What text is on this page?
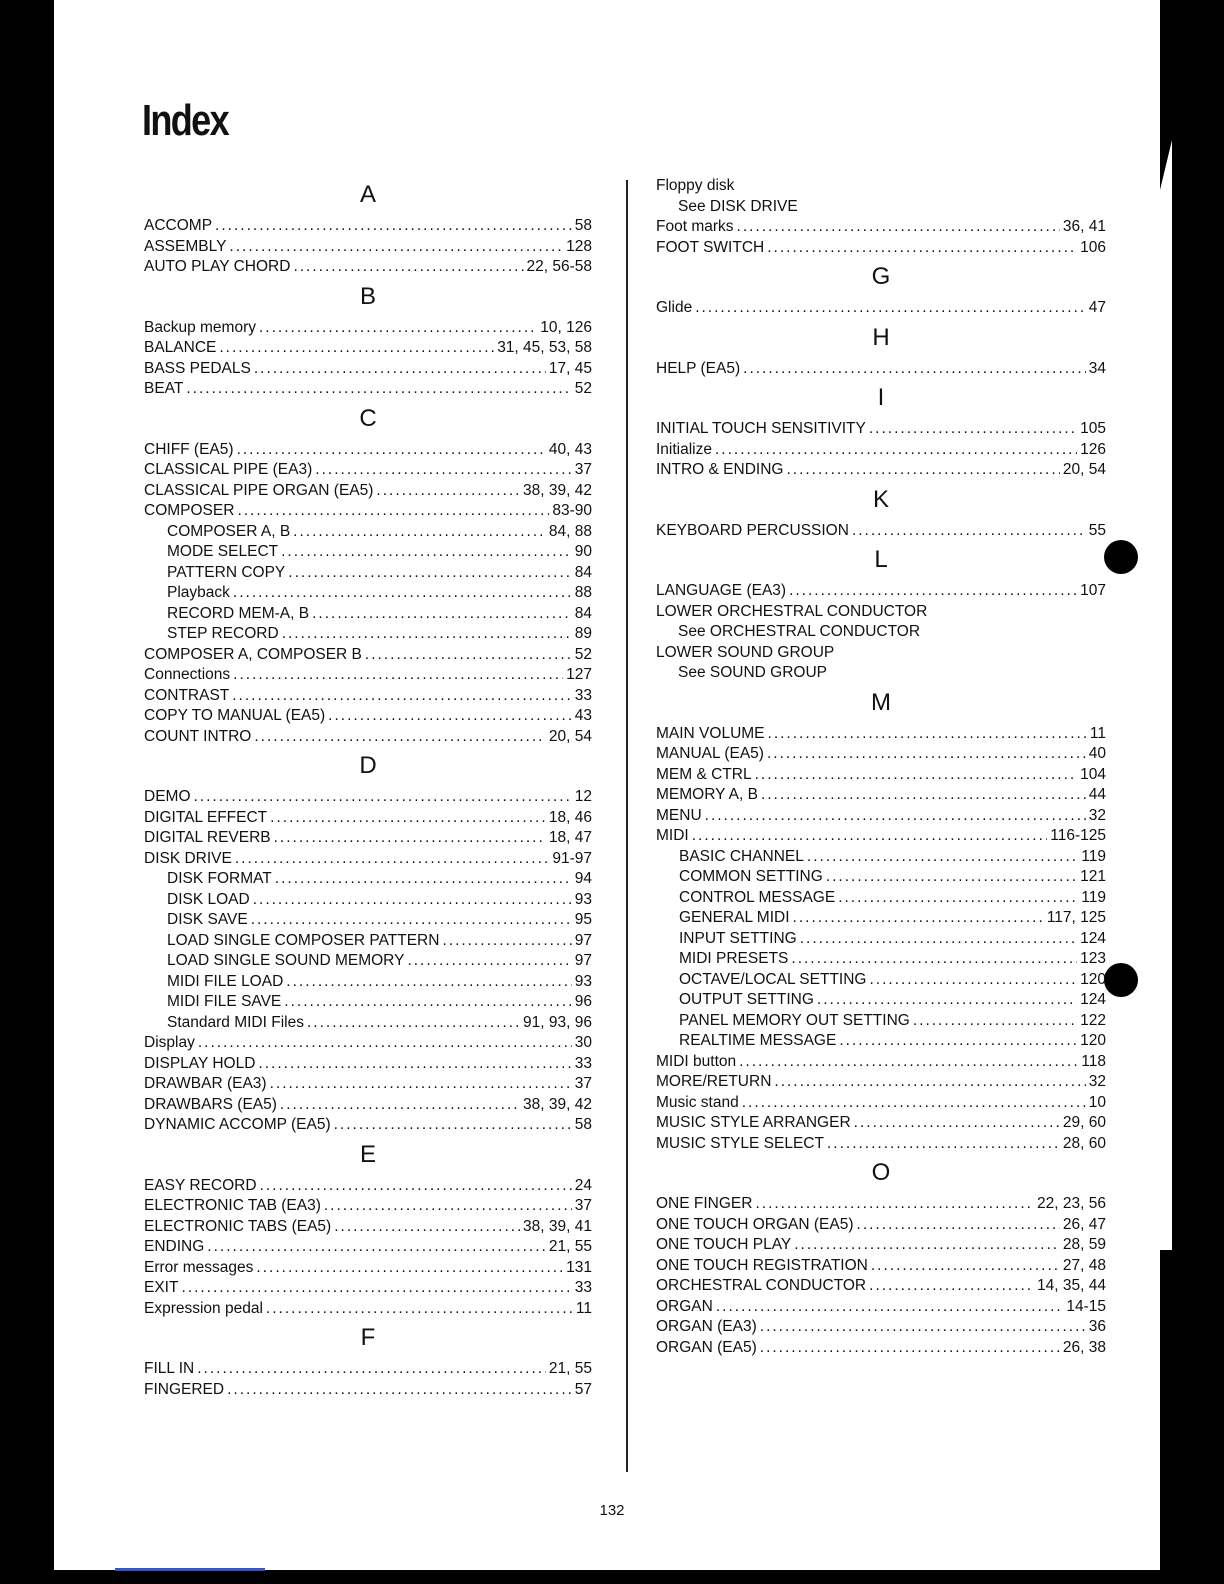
Index
A
ACCOMP .....	58
ASSEMBLY .....	128
AUTO PLAY CHORD .....	22, 56-58
B
Backup memory .....	10, 126
BALANCE .....	31, 45, 53, 58
BASS PEDALS .....	17, 45
BEAT .....	52
C
CHIFF (EA5) .....	40, 43
CLASSICAL PIPE (EA3) .....	37
CLASSICAL PIPE ORGAN (EA5) .....	38, 39, 42
COMPOSER .....	83-90
COMPOSER A, B .....	84, 88
MODE SELECT .....	90
PATTERN COPY .....	84
Playback .....	88
RECORD MEM-A, B .....	84
STEP RECORD .....	89
COMPOSER A, COMPOSER B .....	52
Connections .....	127
CONTRAST .....	33
COPY TO MANUAL (EA5) .....	43
COUNT INTRO .....	20, 54
D
DEMO .....	12
DIGITAL EFFECT .....	18, 46
DIGITAL REVERB .....	18, 47
DISK DRIVE .....	91-97
DISK FORMAT .....	94
DISK LOAD .....	93
DISK SAVE .....	95
LOAD SINGLE COMPOSER PATTERN .....	97
LOAD SINGLE SOUND MEMORY .....	97
MIDI FILE LOAD .....	93
MIDI FILE SAVE .....	96
Standard MIDI Files .....	91, 93, 96
Display .....	30
DISPLAY HOLD .....	33
DRAWBAR (EA3) .....	37
DRAWBARS (EA5) .....	38, 39, 42
DYNAMIC ACCOMP (EA5) .....	58
E
EASY RECORD .....	24
ELECTRONIC TAB (EA3) .....	37
ELECTRONIC TABS (EA5) .....	38, 39, 41
ENDING .....	21, 55
Error messages .....	131
EXIT .....	33
Expression pedal .....	11
F
FILL IN .....	21, 55
FINGERED .....	57
Floppy disk
See DISK DRIVE
Foot marks .....	36, 41
FOOT SWITCH .....	106
G
Glide .....	47
H
HELP (EA5) .....	34
I
INITIAL TOUCH SENSITIVITY .....	105
Initialize .....	126
INTRO & ENDING .....	20, 54
K
KEYBOARD PERCUSSION .....	55
L
LANGUAGE (EA3) .....	107
LOWER ORCHESTRAL CONDUCTOR
See ORCHESTRAL CONDUCTOR
LOWER SOUND GROUP
See SOUND GROUP
M
MAIN VOLUME .....	11
MANUAL (EA5) .....	40
MEM & CTRL .....	104
MEMORY A, B .....	44
MENU .....	32
MIDI .....	116-125
BASIC CHANNEL .....	119
COMMON SETTING .....	121
CONTROL MESSAGE .....	119
GENERAL MIDI .....	117, 125
INPUT SETTING .....	124
MIDI PRESETS .....	123
OCTAVE/LOCAL SETTING .....	120
OUTPUT SETTING .....	124
PANEL MEMORY OUT SETTING .....	122
REALTIME MESSAGE .....	120
MIDI button .....	118
MORE/RETURN .....	32
Music stand .....	10
MUSIC STYLE ARRANGER .....	29, 60
MUSIC STYLE SELECT .....	28, 60
O
ONE FINGER .....	22, 23, 56
ONE TOUCH ORGAN (EA5) .....	26, 47
ONE TOUCH PLAY .....	28, 59
ONE TOUCH REGISTRATION .....	27, 48
ORCHESTRAL CONDUCTOR .....	14, 35, 44
ORGAN .....	14-15
ORGAN (EA3) .....	36
ORGAN (EA5) .....	26, 38
132
